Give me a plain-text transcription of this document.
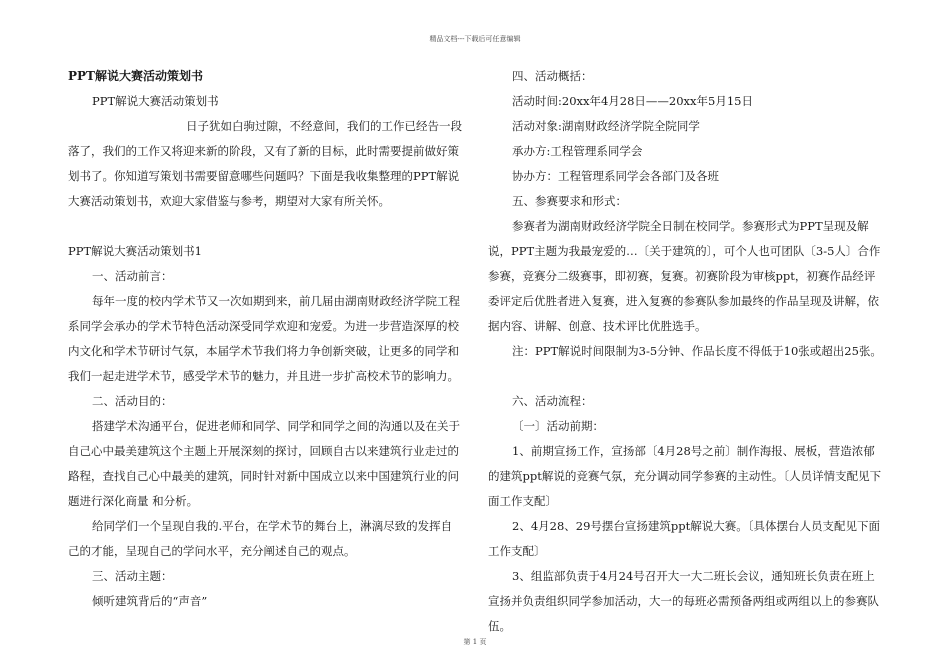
精品文档---下载后可任意编辑

PPT解说大赛活动策划书

PPT解说大赛活动策划书

日子犹如白驹过隙，不经意间，我们的工作已经告一段落了，我们的工作又将迎来新的阶段，又有了新的目标，此时需要提前做好策划书了。你知道写策划书需要留意哪些问题吗？下面是我收集整理的PPT解说大赛活动策划书，欢迎大家借鉴与参考，期望对大家有所关怀。

PPT解说大赛活动策划书1

一、活动前言：

每年一度的校内学术节又一次如期到来，前几届由湖南财政经济学院工程系同学会承办的学术节特色活动深受同学欢迎和宠爱。为进一步营造深厚的校内文化和学术节研讨气氛，本届学术节我们将力争创新突破，让更多的同学和我们一起走进学术节，感受学术节的魅力，并且进一步扩高校术节的影响力。

二、活动目的：

搭建学术沟通平台，促进老师和同学、同学和同学之间的沟通以及在关于自己心中最美建筑这个主题上开展深刻的探讨，回顾自古以来建筑行业走过的路程，查找自己心中最美的建筑，同时针对新中国成立以来中国建筑行业的问题进行深化商量 和分析。

给同学们一个呈现自我的.平台，在学术节的舞台上，淋漓尽致的发挥自己的才能，呈现自己的学问水平，充分阐述自己的观点。

三、活动主题：

倾听建筑背后的“声音”

四、活动概括：

活动时间:20xx年4月28日——20xx年5月15日

活动对象:湖南财政经济学院全院同学

承办方:工程管理系同学会

协办方：工程管理系同学会各部门及各班

五、参赛要求和形式：

参赛者为湖南财政经济学院全日制在校同学。参赛形式为PPT呈现及解说，PPT主题为我最宠爱的…〔关于建筑的〕，可个人也可团队〔3-5人〕合作参赛，竞赛分二级赛事，即初赛，复赛。初赛阶段为审核ppt，初赛作品经评委评定后优胜者进入复赛，进入复赛的参赛队参加最终的作品呈现及讲解，依据内容、讲解、创意、技术评比优胜选手。

注：PPT解说时间限制为3-5分钟、作品长度不得低于10张或超出25张。

六、活动流程：

〔一〕活动前期：

1、前期宣扬工作，宣扬部〔4月28号之前〕制作海报、展板，营造浓郁的建筑ppt解说的竞赛气氛，充分调动同学参赛的主动性。〔人员详情支配见下面工作支配〕

2、4月28、29号摆台宣扬建筑ppt解说大赛。〔具体摆台人员支配见下面工作支配〕

3、组监部负责于4月24号召开大一大二班长会议，通知班长负责在班上宣扬并负责组织同学参加活动，大一的每班必需预备两组或两组以上的参赛队伍。

第 1 页
